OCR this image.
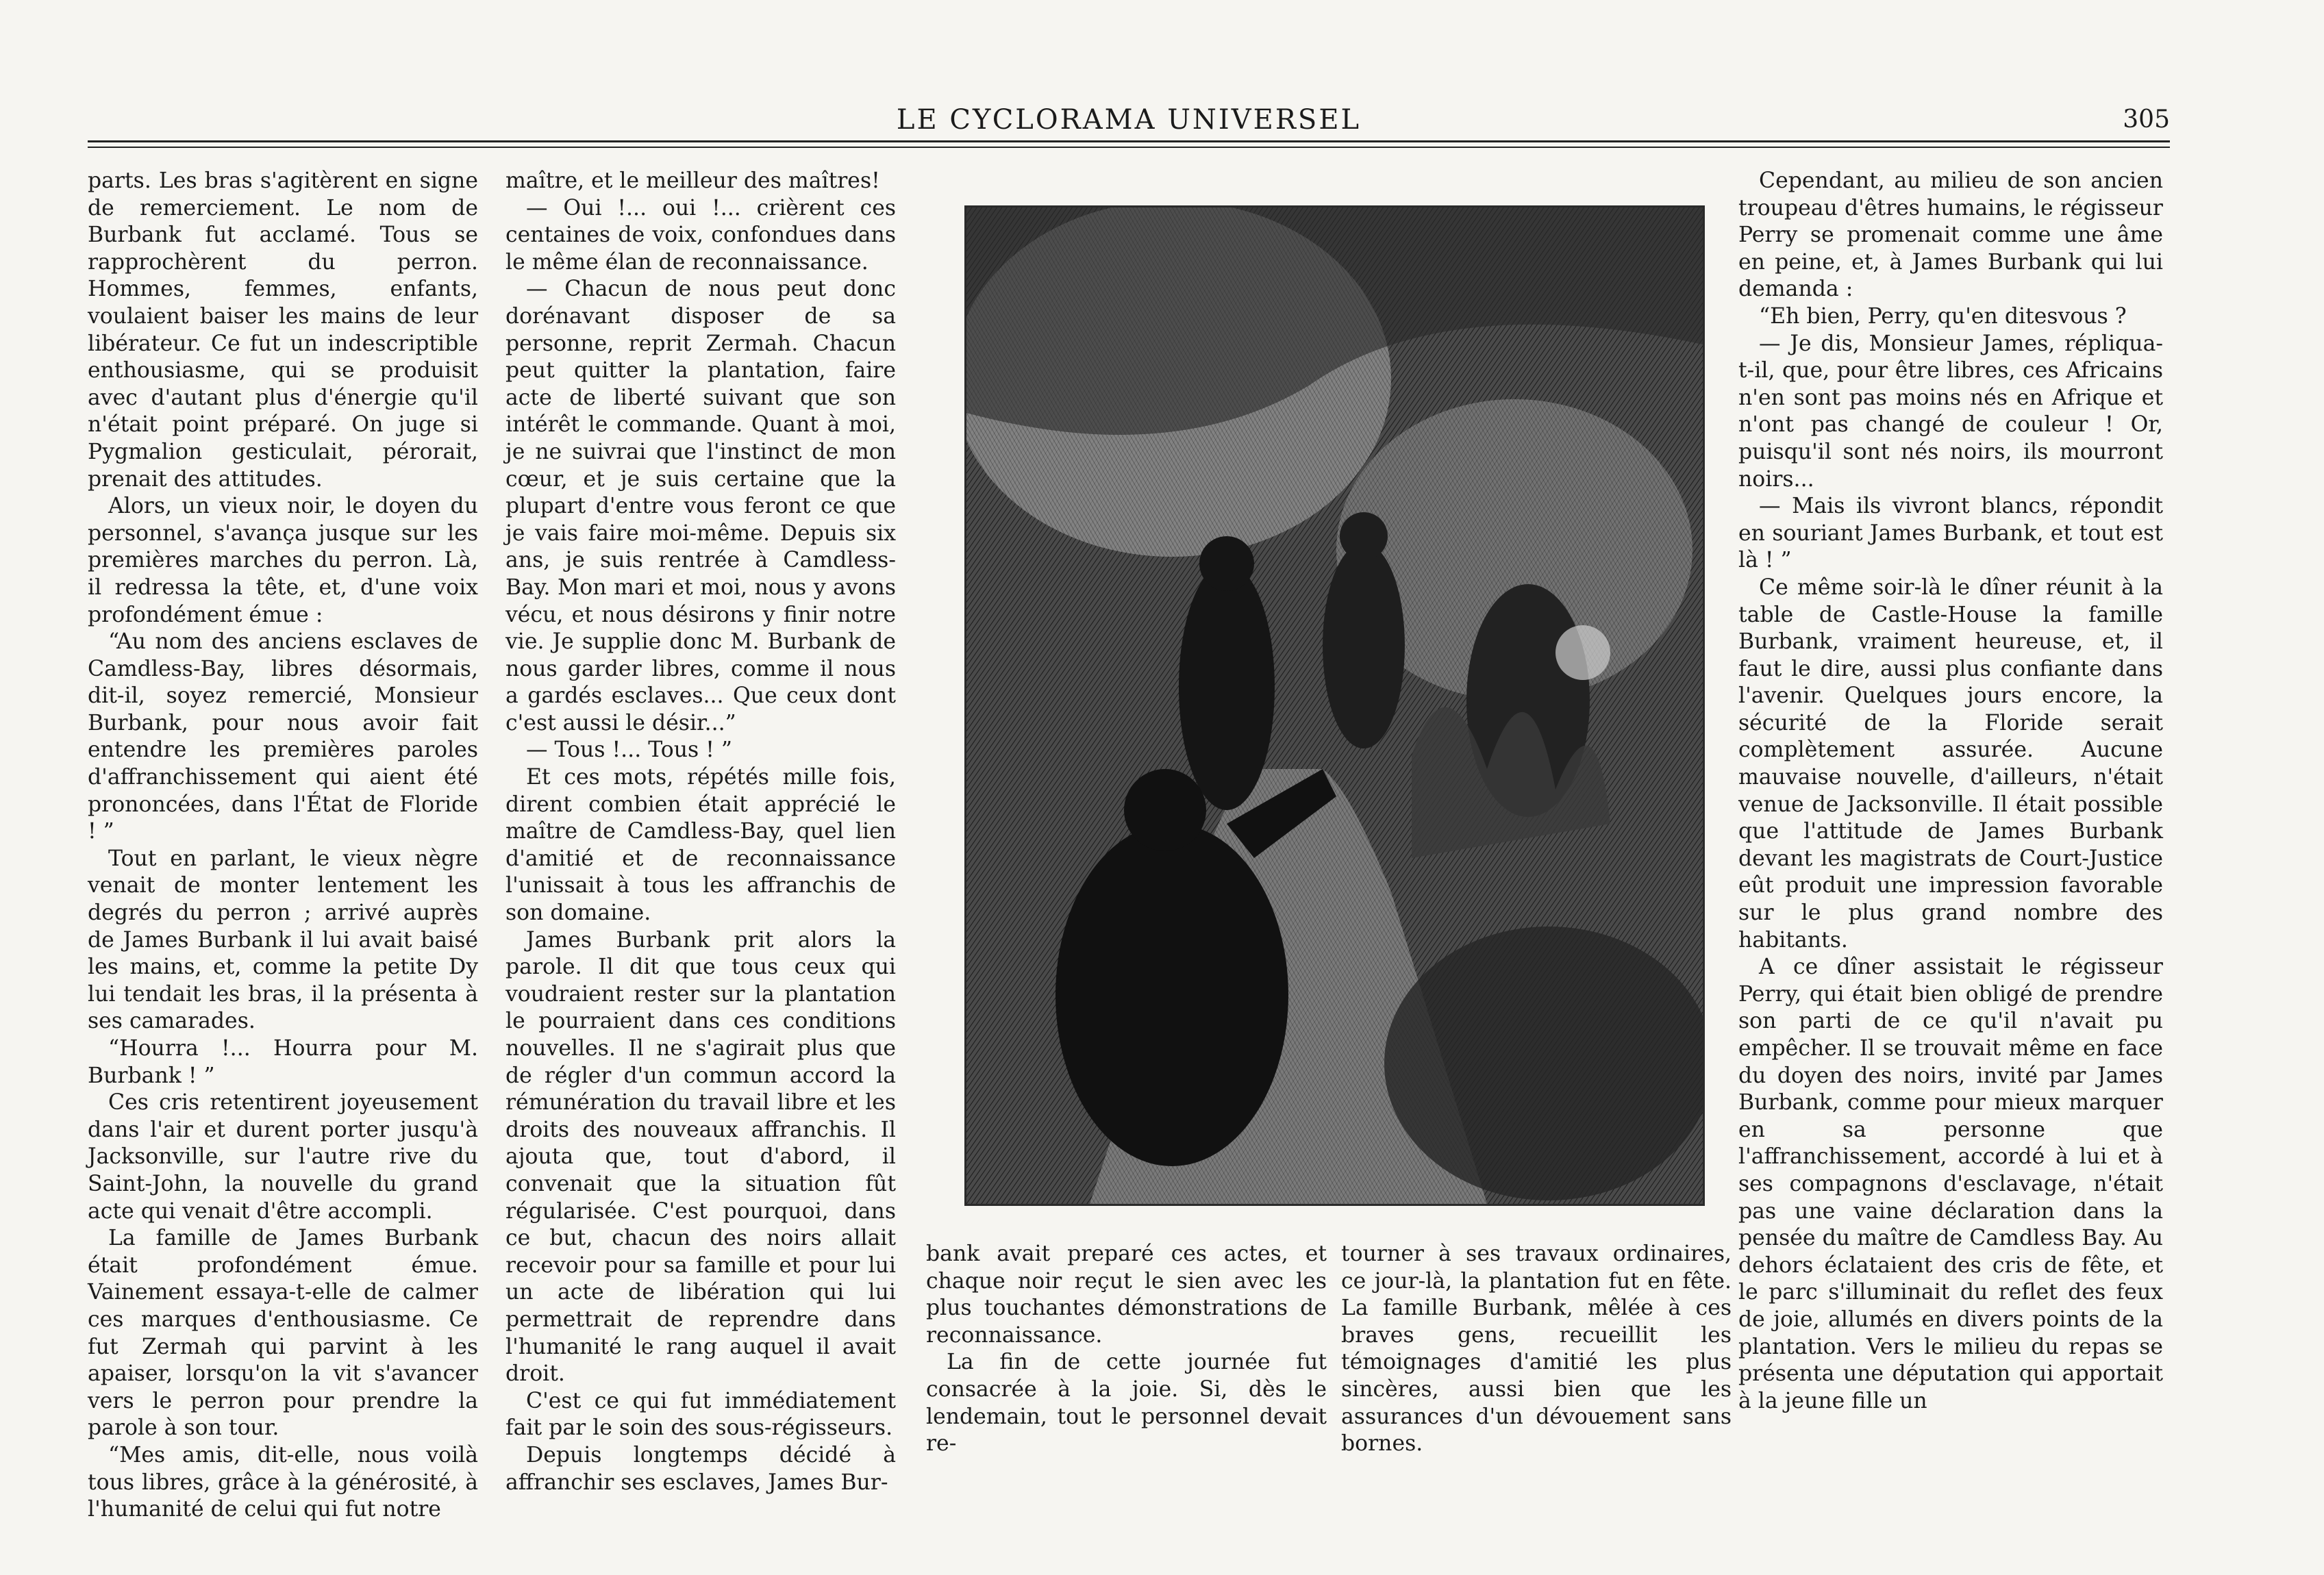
LE CYCLORAMA UNIVERSEL	305

parts. Les bras s'agitèrent en signe de remerciement. Le nom de Burbank fut acclamé. Tous se rapprochèrent du perron. Hommes, femmes, enfants, voulaient baiser les mains de leur libérateur. Ce fut un indescriptible enthousiasme, qui se produisit avec d'autant plus d'énergie qu'il n'était point préparé. On juge si Pygmalion gesticulait, pérorait, prenait des attitudes.

Alors, un vieux noir, le doyen du personnel, s'avança jusque sur les premières marches du perron. Là, il redressa la tête, et, d'une voix profondément émue :

“Au nom des anciens esclaves de Camdless-Bay, libres désormais, dit-il, soyez remercié, Monsieur Burbank, pour nous avoir fait entendre les premières paroles d'affranchissement qui aient été prononcées, dans l'État de Floride ! ”

Tout en parlant, le vieux nègre venait de monter lentement les degrés du perron ; arrivé auprès de James Burbank il lui avait baisé les mains, et, comme la petite Dy lui tendait les bras, il la présenta à ses camarades.

“Hourra !... Hourra pour M. Burbank ! ”

Ces cris retentirent joyeusement dans l'air et durent porter jusqu'à Jacksonville, sur l'autre rive du Saint-John, la nouvelle du grand acte qui venait d'être accompli.

La famille de James Burbank était profondément émue. Vainement essaya-t-elle de calmer ces marques d'enthousiasme. Ce fut Zermah qui parvint à les apaiser, lorsqu'on la vit s'avancer vers le perron pour prendre la parole à son tour.

“Mes amis, dit-elle, nous voilà tous libres, grâce à la générosité, à l'humanité de celui qui fut notre

maître, et le meilleur des maîtres!

— Oui !... oui !... crièrent ces centaines de voix, confondues dans le même élan de reconnaissance.

— Chacun de nous peut donc dorénavant disposer de sa personne, reprit Zermah. Chacun peut quitter la plantation, faire acte de liberté suivant que son intérêt le commande. Quant à moi, je ne suivrai que l'instinct de mon cœur, et je suis certaine que la plupart d'entre vous feront ce que je vais faire moi-même. Depuis six ans, je suis rentrée à Camdless-Bay. Mon mari et moi, nous y avons vécu, et nous désirons y finir notre vie. Je supplie donc M. Burbank de nous garder libres, comme il nous a gardés esclaves... Que ceux dont c'est aussi le désir...”

— Tous !... Tous ! ”

Et ces mots, répétés mille fois, dirent combien était apprécié le maître de Camdless-Bay, quel lien d'amitié et de reconnaissance l'unissait à tous les affranchis de son domaine.

James Burbank prit alors la parole. Il dit que tous ceux qui voudraient rester sur la plantation le pourraient dans ces conditions nouvelles. Il ne s'agirait plus que de régler d'un commun accord la rémunération du travail libre et les droits des nouveaux affranchis. Il ajouta que, tout d'abord, il convenait que la situation fût régularisée. C'est pourquoi, dans ce but, chacun des noirs allait recevoir pour sa famille et pour lui un acte de libération qui lui permettrait de reprendre dans l'humanité le rang auquel il avait droit.

C'est ce qui fut immédiatement fait par le soin des sous-régisseurs.

Depuis longtemps décidé à affranchir ses esclaves, James Bur-

bank avait preparé ces actes, et chaque noir reçut le sien avec les plus touchantes démonstrations de reconnaissance.

La fin de cette journée fut consacrée à la joie. Si, dès le lendemain, tout le personnel devait re-

tourner à ses travaux ordinaires, ce jour-là, la plantation fut en fête. La famille Burbank, mêlée à ces braves gens, recueillit les témoignages d'amitié les plus sincères, aussi bien que les assurances d'un dévouement sans bornes.

Cependant, au milieu de son ancien troupeau d'êtres humains, le régisseur Perry se promenait comme une âme en peine, et, à James Burbank qui lui demanda :

“Eh bien, Perry, qu'en ditesvous ?

— Je dis, Monsieur James, répliqua-t-il, que, pour être libres, ces Africains n'en sont pas moins nés en Afrique et n'ont pas changé de couleur ! Or, puisqu'il sont nés noirs, ils mourront noirs...

— Mais ils vivront blancs, répondit en souriant James Burbank, et tout est là ! ”

Ce même soir-là le dîner réunit à la table de Castle-House la famille Burbank, vraiment heureuse, et, il faut le dire, aussi plus confiante dans l'avenir. Quelques jours encore, la sécurité de la Floride serait complètement assurée. Aucune mauvaise nouvelle, d'ailleurs, n'était venue de Jacksonville. Il était possible que l'attitude de James Burbank devant les magistrats de Court-Justice eût produit une impression favorable sur le plus grand nombre des habitants.

A ce dîner assistait le régisseur Perry, qui était bien obligé de prendre son parti de ce qu'il n'avait pu empêcher. Il se trouvait même en face du doyen des noirs, invité par James Burbank, comme pour mieux marquer en sa personne que l'affranchissement, accordé à lui et à ses compagnons d'esclavage, n'était pas une vaine déclaration dans la pensée du maître de Camdless Bay. Au dehors éclataient des cris de fête, et le parc s'illuminait du reflet des feux de joie, allumés en divers points de la plantation. Vers le milieu du repas se présenta une députation qui apportait à la jeune fille un
